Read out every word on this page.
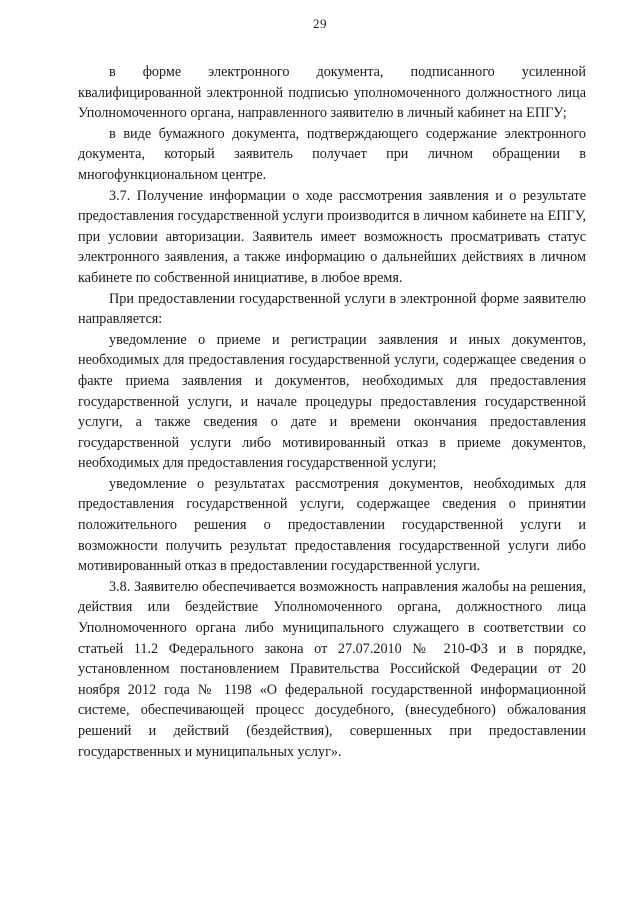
29

в форме электронного документа, подписанного усиленной квалифицированной электронной подписью уполномоченного должностного лица Уполномоченного органа, направленного заявителю в личный кабинет на ЕПГУ;

в виде бумажного документа, подтверждающего содержание электронного документа, который заявитель получает при личном обращении в многофункциональном центре.

3.7. Получение информации о ходе рассмотрения заявления и о результате предоставления государственной услуги производится в личном кабинете на ЕПГУ, при условии авторизации. Заявитель имеет возможность просматривать статус электронного заявления, а также информацию о дальнейших действиях в личном кабинете по собственной инициативе, в любое время.

При предоставлении государственной услуги в электронной форме заявителю направляется:

уведомление о приеме и регистрации заявления и иных документов, необходимых для предоставления государственной услуги, содержащее сведения о факте приема заявления и документов, необходимых для предоставления государственной услуги, и начале процедуры предоставления государственной услуги, а также сведения о дате и времени окончания предоставления государственной услуги либо мотивированный отказ в приеме документов, необходимых для предоставления государственной услуги;

уведомление о результатах рассмотрения документов, необходимых для предоставления государственной услуги, содержащее сведения о принятии положительного решения о предоставлении государственной услуги и возможности получить результат предоставления государственной услуги либо мотивированный отказ в предоставлении государственной услуги.

3.8. Заявителю обеспечивается возможность направления жалобы на решения, действия или бездействие Уполномоченного органа, должностного лица Уполномоченного органа либо муниципального служащего в соответствии со статьей 11.2 Федерального закона от 27.07.2010 № 210-ФЗ и в порядке, установленном постановлением Правительства Российской Федерации от 20 ноября 2012 года № 1198 «О федеральной государственной информационной системе, обеспечивающей процесс досудебного, (внесудебного) обжалования решений и действий (бездействия), совершенных при предоставлении государственных и муниципальных услуг».
